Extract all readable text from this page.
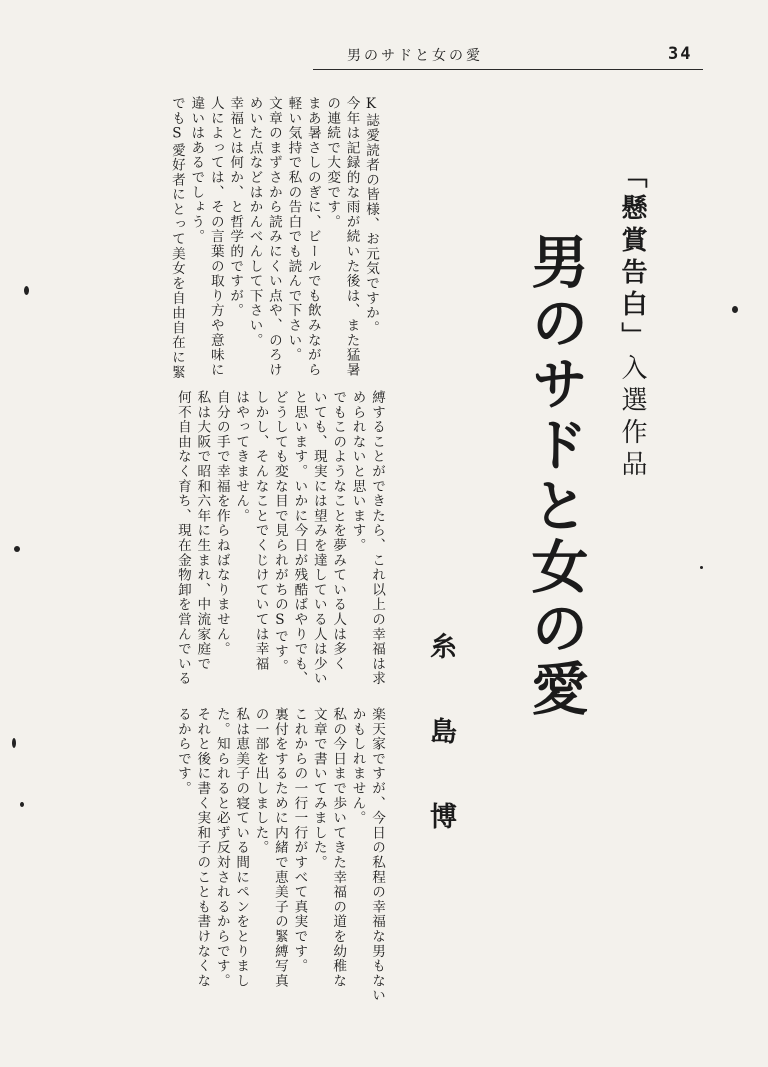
男のサドと女の愛	34
「懸賞告白」入選作品
男のサドと女の愛
糸島博
K誌愛読者の皆様、お元気ですか。
今年は記録的な雨が続いた後は、また猛暑
の連続で大変です。
まあ暑さしのぎに、ビールでも飲みながら
軽い気持で私の告白でも読んで下さい。
文章のまずさから読みにくい点や、のろけ
めいた点などはかんべんして下さい。
幸福とは何か、と哲学的ですが。
人によっては、その言葉の取り方や意味に
違いはあるでしょう。
でもS愛好者にとって美女を自由自在に緊
縛することができたら、これ以上の幸福は求
められないと思います。
でもこのようなことを夢みている人は多く
いても、現実には望みを達している人は少い
と思います。いかに今日が残酷ばやりでも、
どうしても変な目で見られがちのSです。
しかし、そんなことでくじけていては幸福
はやってきません。
自分の手で幸福を作らねばなりません。
私は大阪で昭和六年に生まれ、中流家庭で
何不自由なく育ち、現在金物卸を営んでいる
楽天家ですが、今日の私程の幸福な男もない
かもしれません。
私の今日まで歩いてきた幸福の道を幼稚な
文章で書いてみました。
これからの一行一行がすべて真実です。
裏付をするために内緒で恵美子の緊縛写真
の一部を出しました。
私は恵美子の寝ている間にペンをとりまし
た。知られると必ず反対されるからです。
それと後に書く実和子のことも書けなくな
るからです。
